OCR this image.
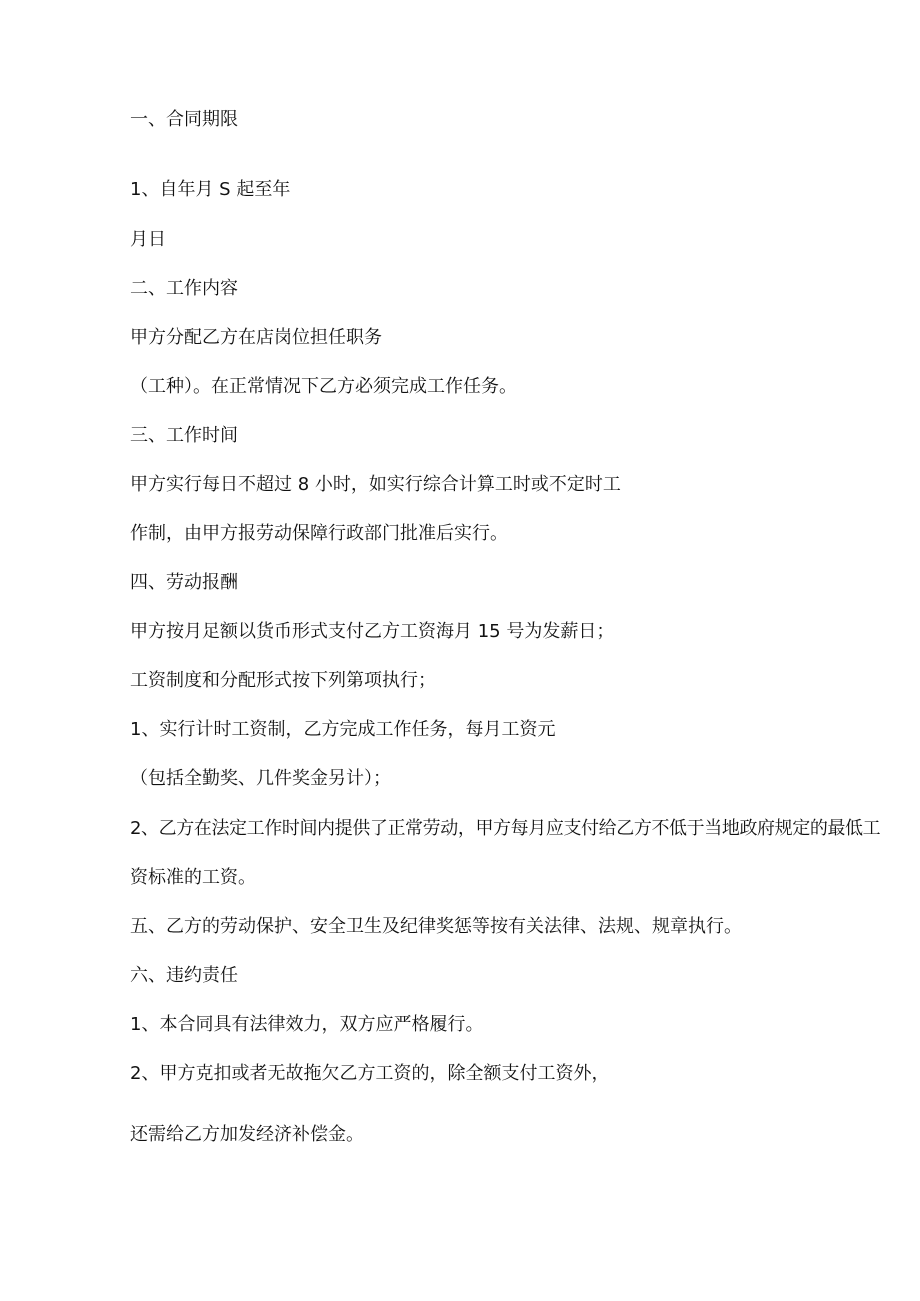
一、合同期限
1、自年月 S 起至年
月日
二、工作内容
甲方分配乙方在店岗位担任职务
（工种）。在正常情况下乙方必须完成工作任务。
三、工作时间
甲方实行每日不超过 8 小时，如实行综合计算工时或不定时工
作制，由甲方报劳动保障行政部门批准后实行。
四、劳动报酬
甲方按月足额以货币形式支付乙方工资海月 15 号为发薪日；
工资制度和分配形式按下列第项执行；
1、实行计时工资制，乙方完成工作任务，每月工资元
（包括全勤奖、几件奖金另计）；
2、乙方在法定工作时间内提供了正常劳动，甲方每月应支付给乙方不低于当地政府规定的最低工
资标准的工资。
五、乙方的劳动保护、安全卫生及纪律奖惩等按有关法律、法规、规章执行。
六、违约责任
1、本合同具有法律效力，双方应严格履行。
2、甲方克扣或者无故拖欠乙方工资的，除全额支付工资外，
还需给乙方加发经济补偿金。
